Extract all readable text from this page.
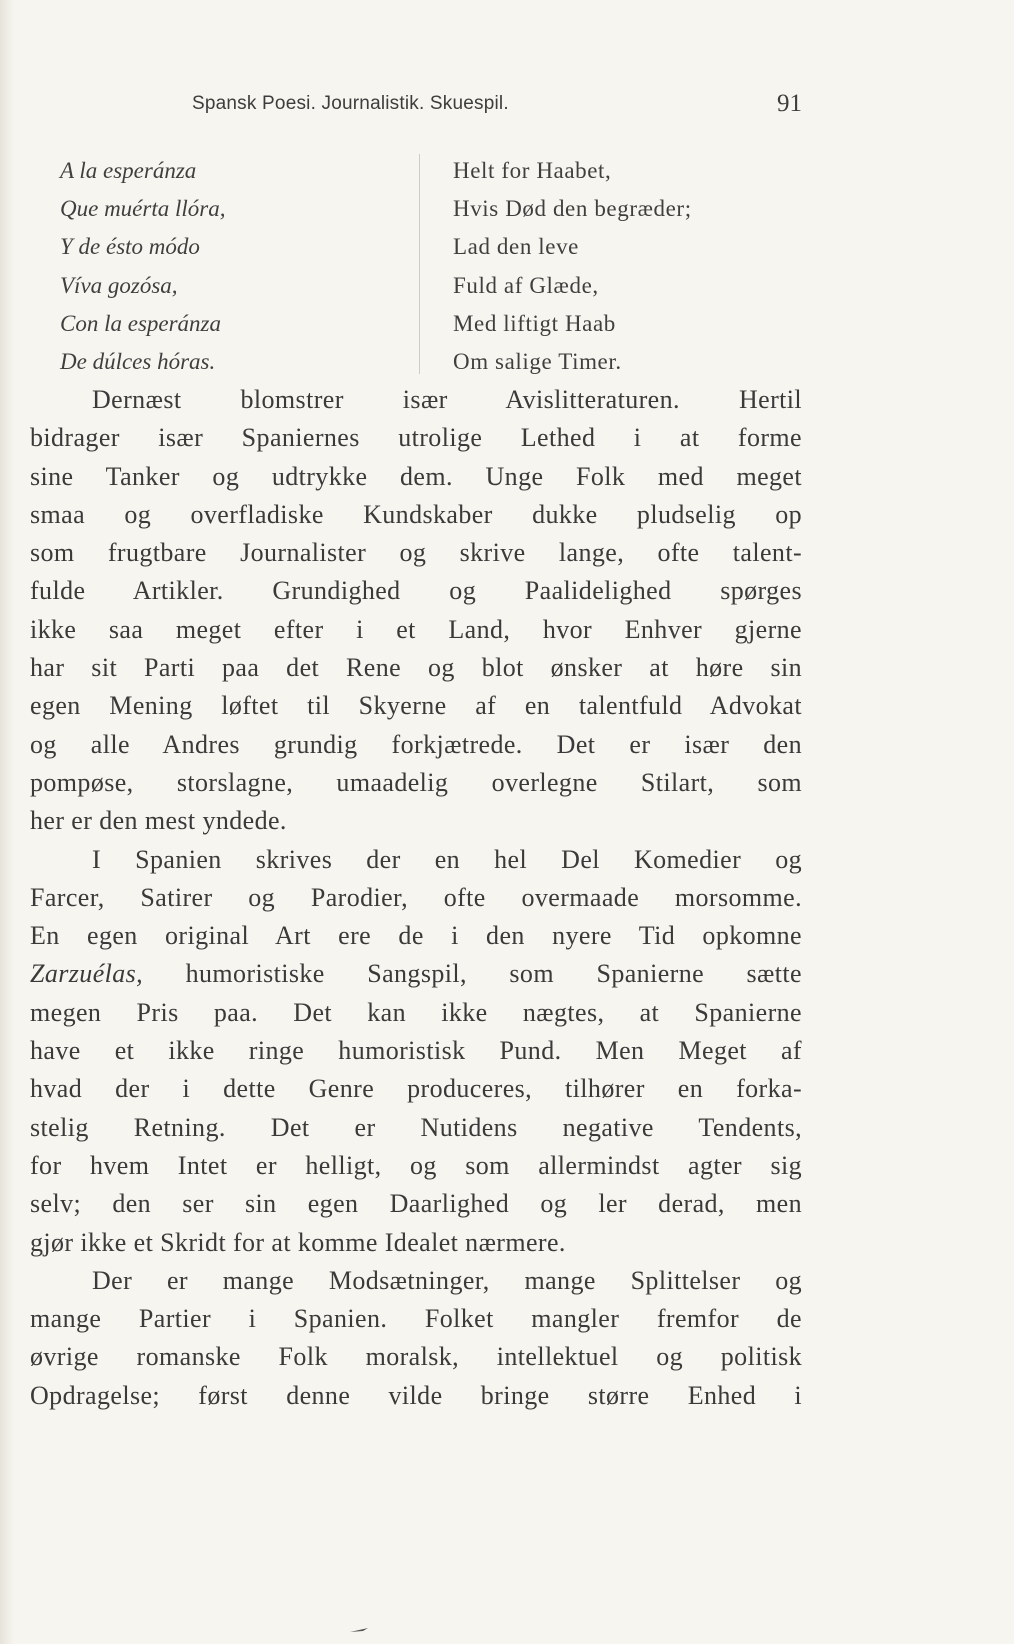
Spansk Poesi. Journalistik. Skuespil.	91
A la esperánza
Que muérta llóra,
Y de ésto módo
Víva gozósa,
Con la esperánza
De dúlces hóras.
Helt for Haabet,
Hvis Død den begræder;
Lad den leve
Fuld af Glæde,
Med liftigt Haab
Om salige Timer.
Dernæst blomstrer især Avislitteraturen. Hertil
bidrager især Spaniernes utrolige Lethed i at forme
sine Tanker og udtrykke dem. Unge Folk med meget
smaa og overfladiske Kundskaber dukke pludselig op
som frugtbare Journalister og skrive lange, ofte talent-
fulde Artikler. Grundighed og Paalidelighed spørges
ikke saa meget efter i et Land, hvor Enhver gjerne
har sit Parti paa det Rene og blot ønsker at høre sin
egen Mening løftet til Skyerne af en talentfuld Advokat
og alle Andres grundig forkjætrede. Det er især den
pompøse, storslagne, umaadelig overlegne Stilart, som
her er den mest yndede.
I Spanien skrives der en hel Del Komedier og
Farcer, Satirer og Parodier, ofte overmaade morsomme.
En egen original Art ere de i den nyere Tid opkomne
Zarzuélas, humoristiske Sangspil, som Spanierne sætte
megen Pris paa. Det kan ikke nægtes, at Spanierne
have et ikke ringe humoristisk Pund. Men Meget af
hvad der i dette Genre produceres, tilhører en forka-
stelig Retning. Det er Nutidens negative Tendents,
for hvem Intet er helligt, og som allermindst agter sig
selv; den ser sin egen Daarlighed og ler derad, men
gjør ikke et Skridt for at komme Idealet nærmere.
Der er mange Modsætninger, mange Splittelser og
mange Partier i Spanien. Folket mangler fremfor de
øvrige romanske Folk moralsk, intellektuel og politisk
Opdragelse; først denne vilde bringe større Enhed i
